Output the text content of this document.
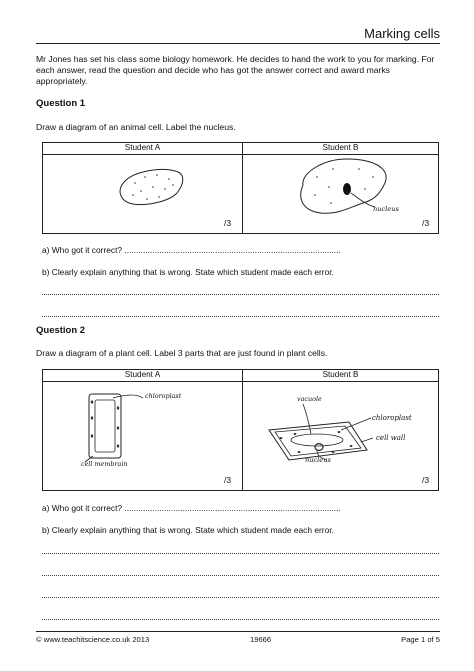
Marking cells
Mr Jones has set his class some biology homework. He decides to hand the work to you for marking. For each answer, read the question and decide who has got the answer correct and award marks appropriately.
Question 1
Draw a diagram of an animal cell. Label the nucleus.
Student A	Student B
nucleus
/3	/3
a) Who got it correct? .............................................................................................
b) Clearly explain anything that is wrong. State which student made each error.
Question 2
Draw a diagram of a plant cell. Label 3 parts that are just found in plant cells.
Student A	Student B
chloroplast
cell membrain
vacuole
chloroplast
cell wall
nucleus
/3	/3
a) Who got it correct? .............................................................................................
b) Clearly explain anything that is wrong. State which student made each error.
© www.teachitscience.co.uk 2013	19666	Page 1 of 5
